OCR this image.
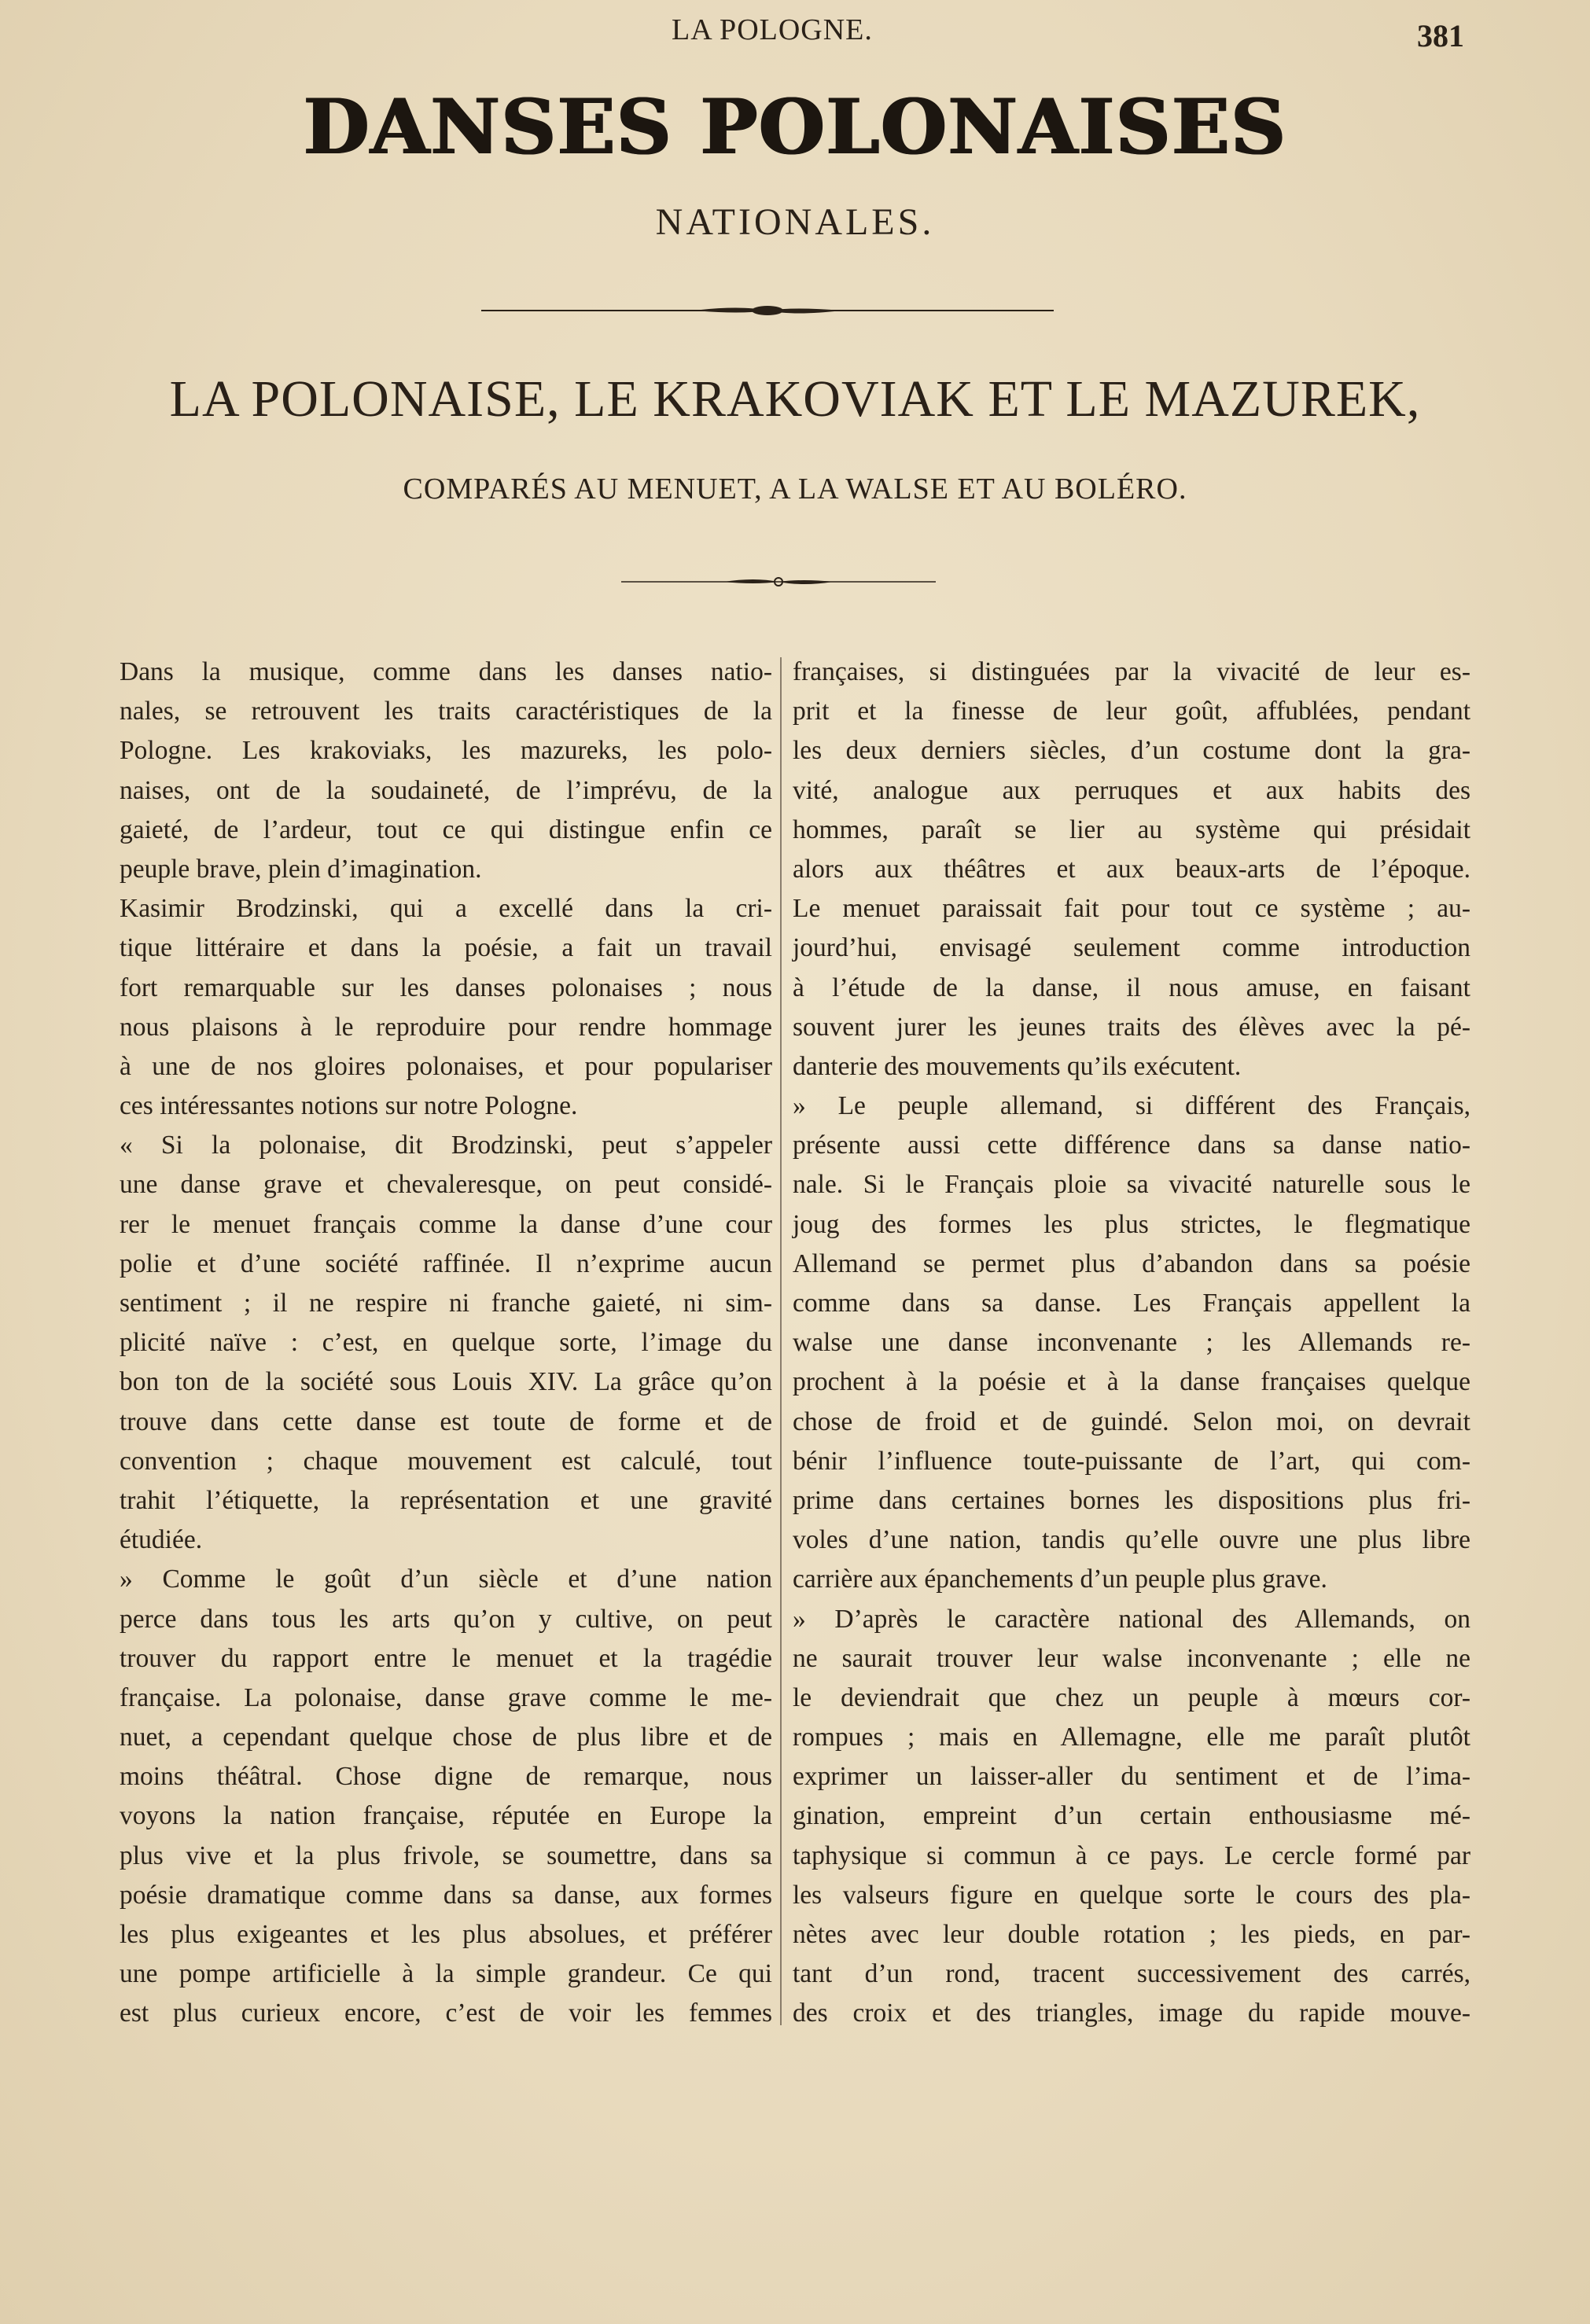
LA POLOGNE.	381
DANSES POLONAISES
NATIONALES.
LA POLONAISE, LE KRAKOVIAK ET LE MAZUREK,
COMPARÉS AU MENUET, A LA WALSE ET AU BOLÉRO.
Dans la musique, comme dans les danses natio-
nales, se retrouvent les traits caractéristiques de la
Pologne. Les krakoviaks, les mazureks, les polo-
naises, ont de la soudaineté, de l’imprévu, de la
gaieté, de l’ardeur, tout ce qui distingue enfin ce
peuple brave, plein d’imagination.
Kasimir Brodzinski, qui a excellé dans la cri-
tique littéraire et dans la poésie, a fait un travail
fort remarquable sur les danses polonaises ; nous
nous plaisons à le reproduire pour rendre hommage
à une de nos gloires polonaises, et pour populariser
ces intéressantes notions sur notre Pologne.
« Si la polonaise, dit Brodzinski, peut s’appeler
une danse grave et chevaleresque, on peut considé-
rer le menuet français comme la danse d’une cour
polie et d’une société raffinée. Il n’exprime aucun
sentiment ; il ne respire ni franche gaieté, ni sim-
plicité naïve : c’est, en quelque sorte, l’image du
bon ton de la société sous Louis XIV. La grâce qu’on
trouve dans cette danse est toute de forme et de
convention ; chaque mouvement est calculé, tout
trahit l’étiquette, la représentation et une gravité
étudiée.
» Comme le goût d’un siècle et d’une nation
perce dans tous les arts qu’on y cultive, on peut
trouver du rapport entre le menuet et la tragédie
française. La polonaise, danse grave comme le me-
nuet, a cependant quelque chose de plus libre et de
moins théâtral. Chose digne de remarque, nous
voyons la nation française, réputée en Europe la
plus vive et la plus frivole, se soumettre, dans sa
poésie dramatique comme dans sa danse, aux formes
les plus exigeantes et les plus absolues, et préférer
une pompe artificielle à la simple grandeur. Ce qui
est plus curieux encore, c’est de voir les femmes
françaises, si distinguées par la vivacité de leur es-
prit et la finesse de leur goût, affublées, pendant
les deux derniers siècles, d’un costume dont la gra-
vité, analogue aux perruques et aux habits des
hommes, paraît se lier au système qui présidait
alors aux théâtres et aux beaux-arts de l’époque.
Le menuet paraissait fait pour tout ce système ; au-
jourd’hui, envisagé seulement comme introduction
à l’étude de la danse, il nous amuse, en faisant
souvent jurer les jeunes traits des élèves avec la pé-
danterie des mouvements qu’ils exécutent.
» Le peuple allemand, si différent des Français,
présente aussi cette différence dans sa danse natio-
nale. Si le Français ploie sa vivacité naturelle sous le
joug des formes les plus strictes, le flegmatique
Allemand se permet plus d’abandon dans sa poésie
comme dans sa danse. Les Français appellent la
walse une danse inconvenante ; les Allemands re-
prochent à la poésie et à la danse françaises quelque
chose de froid et de guindé. Selon moi, on devrait
bénir l’influence toute-puissante de l’art, qui com-
prime dans certaines bornes les dispositions plus fri-
voles d’une nation, tandis qu’elle ouvre une plus libre
carrière aux épanchements d’un peuple plus grave.
» D’après le caractère national des Allemands, on
ne saurait trouver leur walse inconvenante ; elle ne
le deviendrait que chez un peuple à mœurs cor-
rompues ; mais en Allemagne, elle me paraît plutôt
exprimer un laisser-aller du sentiment et de l’ima-
gination, empreint d’un certain enthousiasme mé-
taphysique si commun à ce pays. Le cercle formé par
les valseurs figure en quelque sorte le cours des pla-
nètes avec leur double rotation ; les pieds, en par-
tant d’un rond, tracent successivement des carrés,
des croix et des triangles, image du rapide mouve-
